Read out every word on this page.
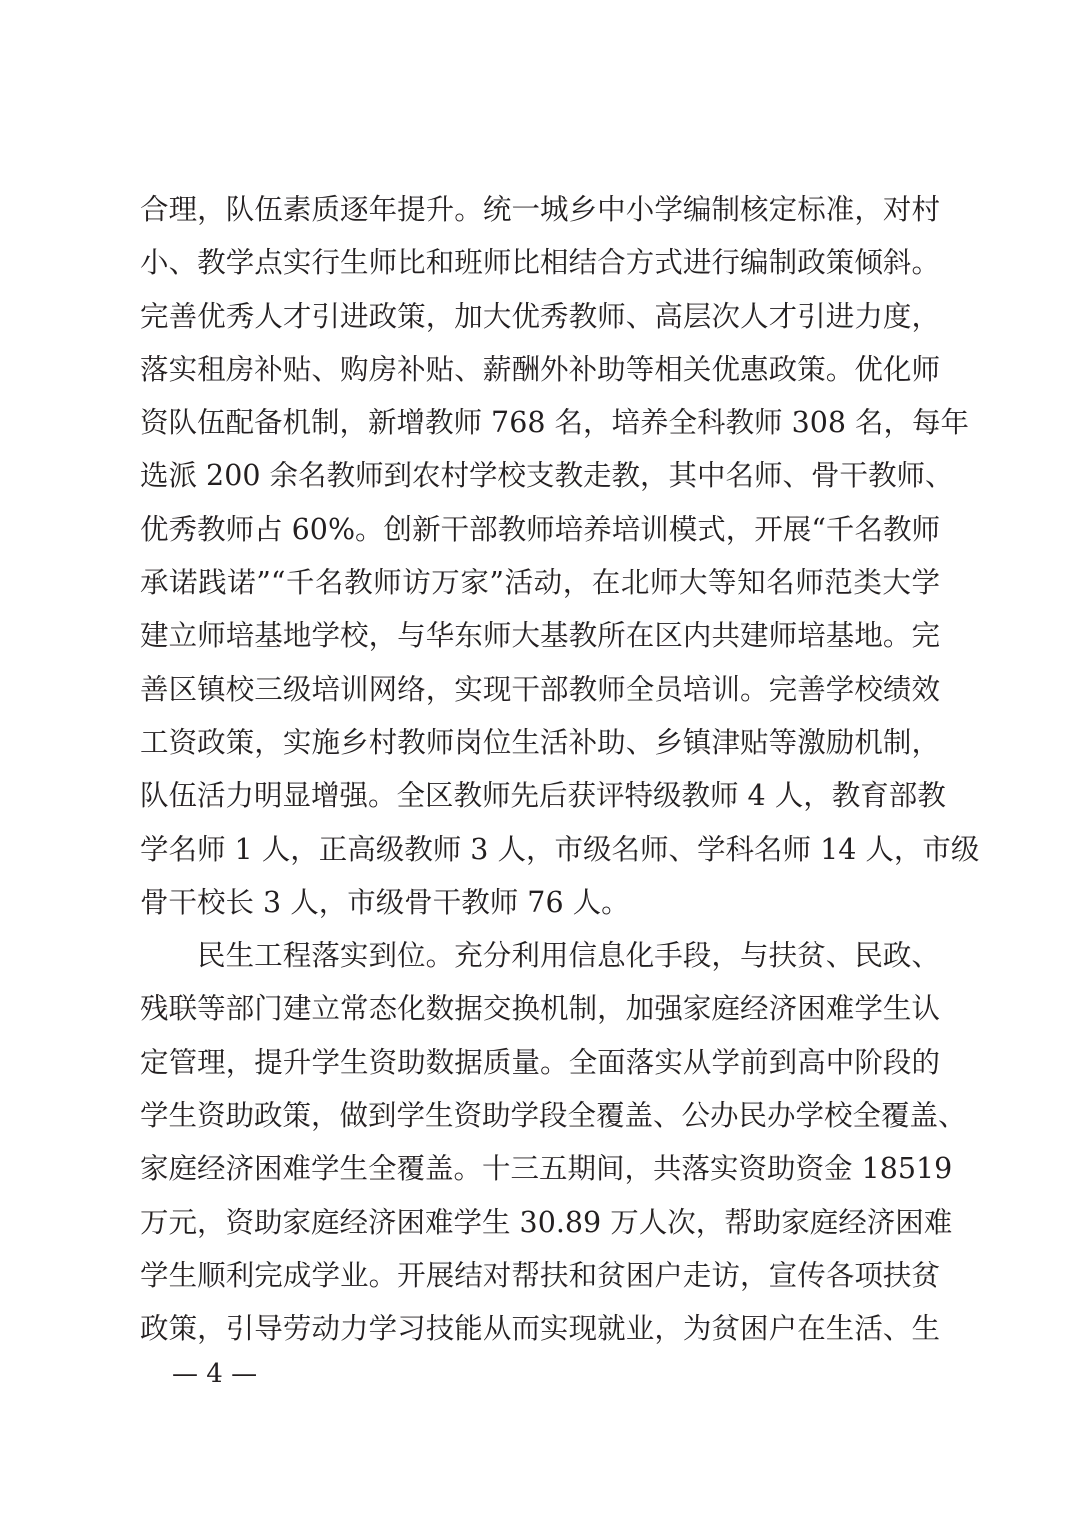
合理，队伍素质逐年提升。统一城乡中小学编制核定标准，对村
小、教学点实行生师比和班师比相结合方式进行编制政策倾斜。
完善优秀人才引进政策，加大优秀教师、高层次人才引进力度，
落实租房补贴、购房补贴、薪酬外补助等相关优惠政策。优化师
资队伍配备机制，新增教师 768 名，培养全科教师 308 名，每年
选派 200 余名教师到农村学校支教走教，其中名师、骨干教师、
优秀教师占 60%。创新干部教师培养培训模式，开展“千名教师
承诺践诺”“千名教师访万家”活动，在北师大等知名师范类大学
建立师培基地学校，与华东师大基教所在区内共建师培基地。完
善区镇校三级培训网络，实现干部教师全员培训。完善学校绩效
工资政策，实施乡村教师岗位生活补助、乡镇津贴等激励机制，
队伍活力明显增强。全区教师先后获评特级教师 4 人，教育部教
学名师 1 人，正高级教师 3 人，市级名师、学科名师 14 人，市级
骨干校长 3 人，市级骨干教师 76 人。
民生工程落实到位。充分利用信息化手段，与扶贫、民政、
残联等部门建立常态化数据交换机制，加强家庭经济困难学生认
定管理，提升学生资助数据质量。全面落实从学前到高中阶段的
学生资助政策，做到学生资助学段全覆盖、公办民办学校全覆盖、
家庭经济困难学生全覆盖。十三五期间，共落实资助资金 18519
万元，资助家庭经济困难学生 30.89 万人次，帮助家庭经济困难
学生顺利完成学业。开展结对帮扶和贫困户走访，宣传各项扶贫
政策，引导劳动力学习技能从而实现就业，为贫困户在生活、生
— 4 —
